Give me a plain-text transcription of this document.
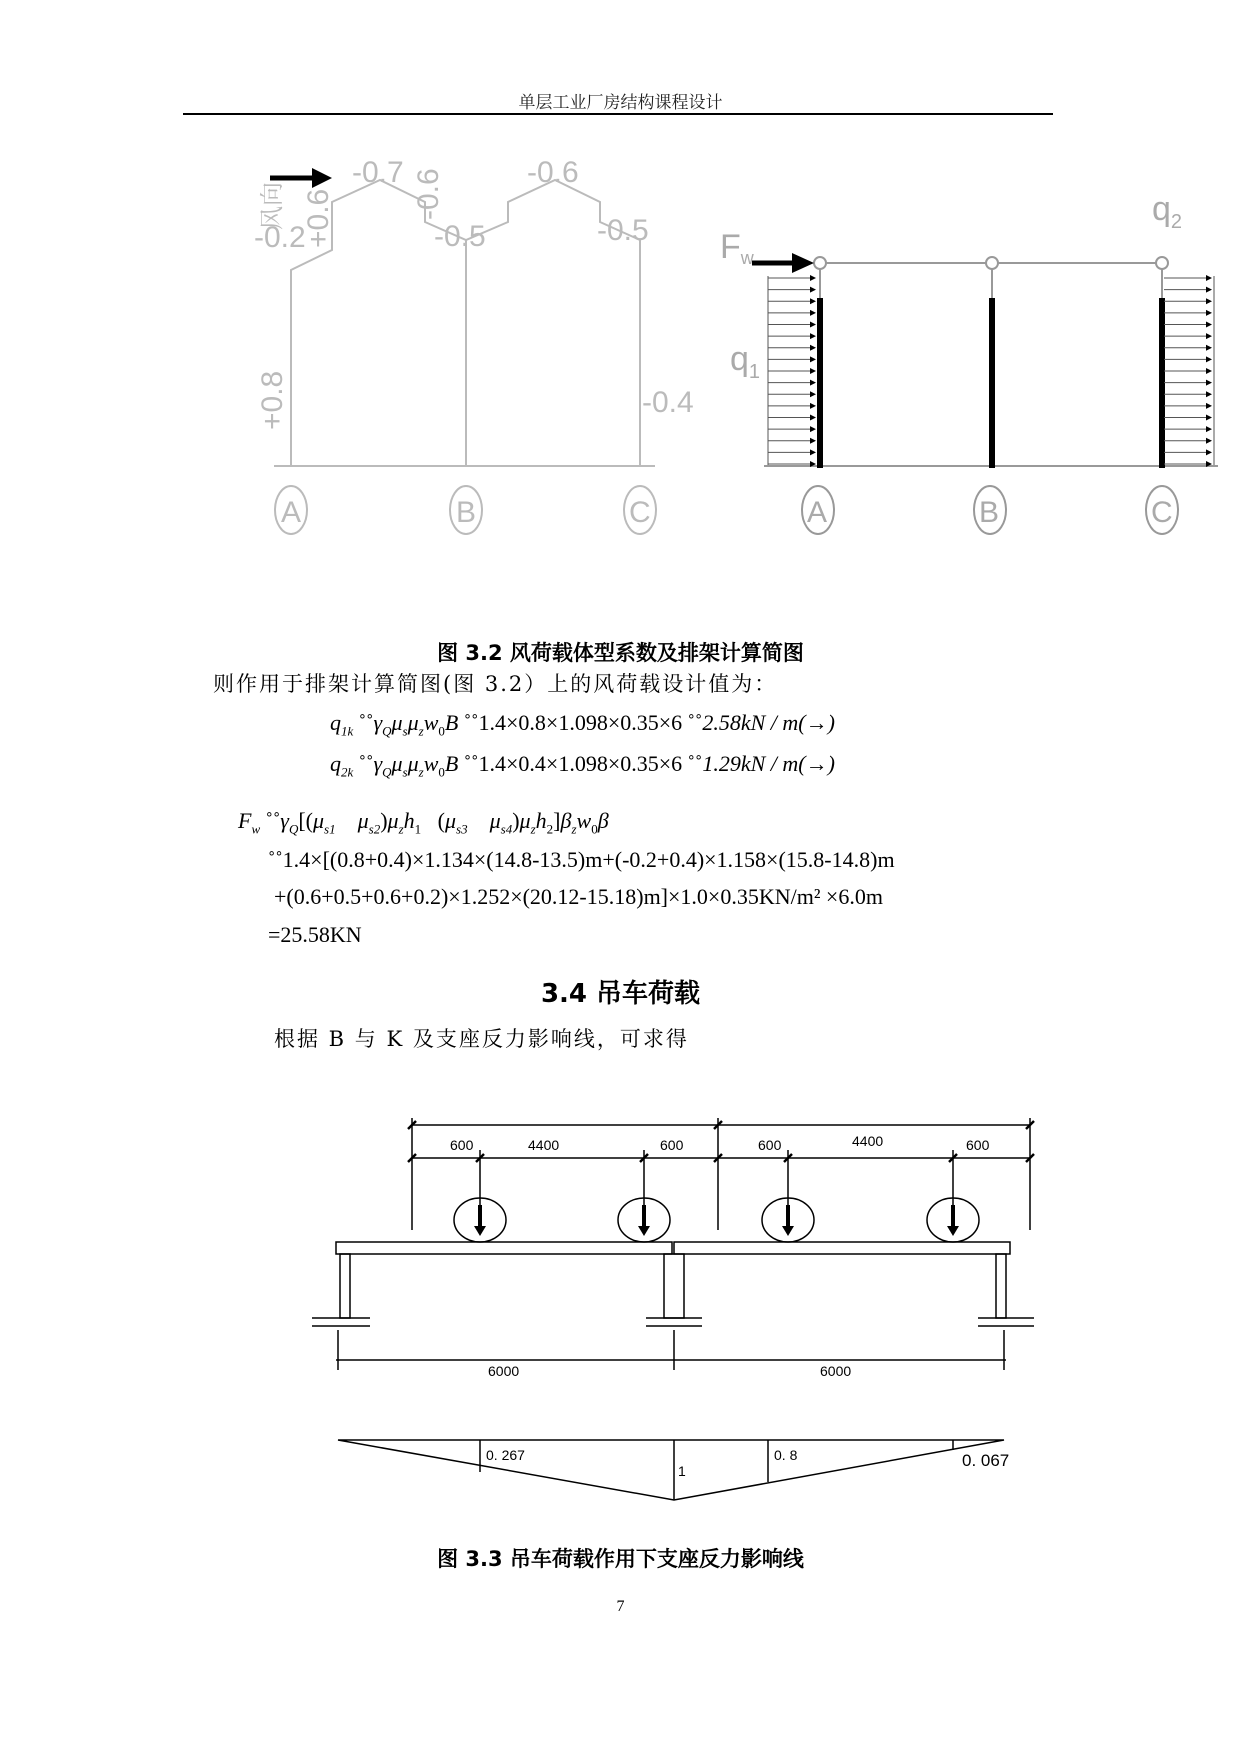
单层工业厂房结构课程设计
-0.2
+0.6
-0.7 -0.6
-0.5
-0.6
-0.5
+0.8	-0.4
风向
A	B	C
Fw
$q_1$
$q_2$
A	B	C
图 3.2 风荷载体型系数及排架计算简图
则作用于排架计算简图(图 3.2）上的风荷载设计值为：
$q_{1k}$ $˚˚\gamma_Q\mu_s\mu_zw_0B$ ˚˚1.4×0.8×1.098×0.35×6 ˚˚2.58kN / m(→)
$q_{2k}$ $˚˚\gamma_Q\mu_s\mu_zw_0B$ ˚˚1.4×0.4×1.098×0.35×6 ˚˚1.29kN / m(→)
$F_w$ $˚˚\gamma_Q[(\mu_{s1}$    $\mu_{s2})\mu_zh_1$ ($\mu_{s3}$    $\mu_{s4})\mu_zh_2]\beta_zw_0\beta$
˚˚1.4×[(0.8+0.4)×1.134×(14.8-13.5)m+(-0.2+0.4)×1.158×(15.8-14.8)m
+(0.6+0.5+0.6+0.2)×1.252×(20.12-15.18)m]×1.0×0.35KN/m² ×6.0m
=25.58KN
3.4 吊车荷载
根据 B 与 K 及支座反力影响线，可求得
600	4400	600	600	4400	600
6000	6000
0. 267
1
0. 8	0. 067
图 3.3 吊车荷载作用下支座反力影响线
7
